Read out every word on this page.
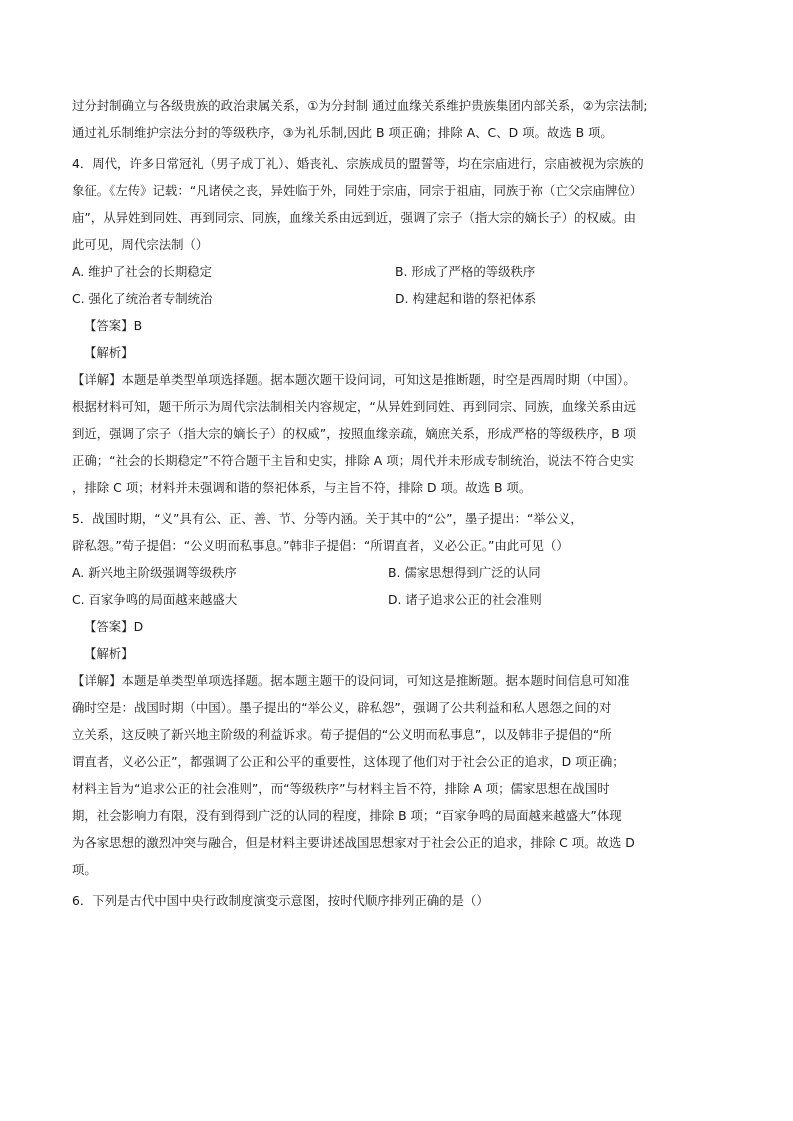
过分封制确立与各级贵族的政治隶属关系，①为分封制 通过血缘关系维护贵族集团内部关系，②为宗法制;

通过礼乐制维护宗法分封的等级秩序，③为礼乐制,因此 B 项正确；排除 A、C、D 项。故选 B 项。

4．周代，许多日常冠礼（男子成丁礼）、婚丧礼、宗族成员的盟誓等，均在宗庙进行，宗庙被视为宗族的

象征。《左传》记载：“凡诸侯之丧，异姓临于外，同姓于宗庙，同宗于祖庙，同族于祢（亡父宗庙牌位）

庙”，从异姓到同姓、再到同宗、同族，血缘关系由远到近，强调了宗子（指大宗的嫡长子）的权威。由

此可见，周代宗法制（）

A. 维护了社会的长期稳定	B. 形成了严格的等级秩序
C. 强化了统治者专制统治	D. 构建起和谐的祭祀体系

【答案】B

【解析】

【详解】本题是单类型单项选择题。据本题次题干设问词，可知这是推断题，时空是西周时期（中国）。

根据材料可知，题干所示为周代宗法制相关内容规定，“从异姓到同姓、再到同宗、同族，血缘关系由远

到近，强调了宗子（指大宗的嫡长子）的权威”，按照血缘亲疏，嫡庶关系，形成严格的等级秩序，B 项

正确；“社会的长期稳定”不符合题干主旨和史实，排除 A 项；周代并未形成专制统治，说法不符合史实

，排除 C 项；材料并未强调和谐的祭祀体系，与主旨不符，排除 D 项。故选 B 项。

5．战国时期，“义”具有公、正、善、节、分等内涵。关于其中的“公”，墨子提出：“举公义，

辟私怨。”荀子提倡：“公义明而私事息。”韩非子提倡：“所谓直者，义必公正。”由此可见（）

A. 新兴地主阶级强调等级秩序	B. 儒家思想得到广泛的认同
C. 百家争鸣的局面越来越盛大	D. 诸子追求公正的社会准则

【答案】D

【解析】

【详解】本题是单类型单项选择题。据本题主题干的设问词，可知这是推断题。据本题时间信息可知准

确时空是：战国时期（中国）。墨子提出的“举公义，辟私怨”，强调了公共利益和私人恩怨之间的对

立关系，这反映了新兴地主阶级的利益诉求。荀子提倡的“公义明而私事息”，以及韩非子提倡的“所

谓直者，义必公正”，都强调了公正和公平的重要性，这体现了他们对于社会公正的追求，D 项正确；

材料主旨为“追求公正的社会准则”，而“等级秩序”与材料主旨不符，排除 A 项；儒家思想在战国时

期，社会影响力有限，没有到得到广泛的认同的程度，排除 B 项；“百家争鸣的局面越来越盛大”体现

为各家思想的激烈冲突与融合，但是材料主要讲述战国思想家对于社会公正的追求，排除 C 项。故选 D

项。

6．下列是古代中国中央行政制度演变示意图，按时代顺序排列正确的是（）
